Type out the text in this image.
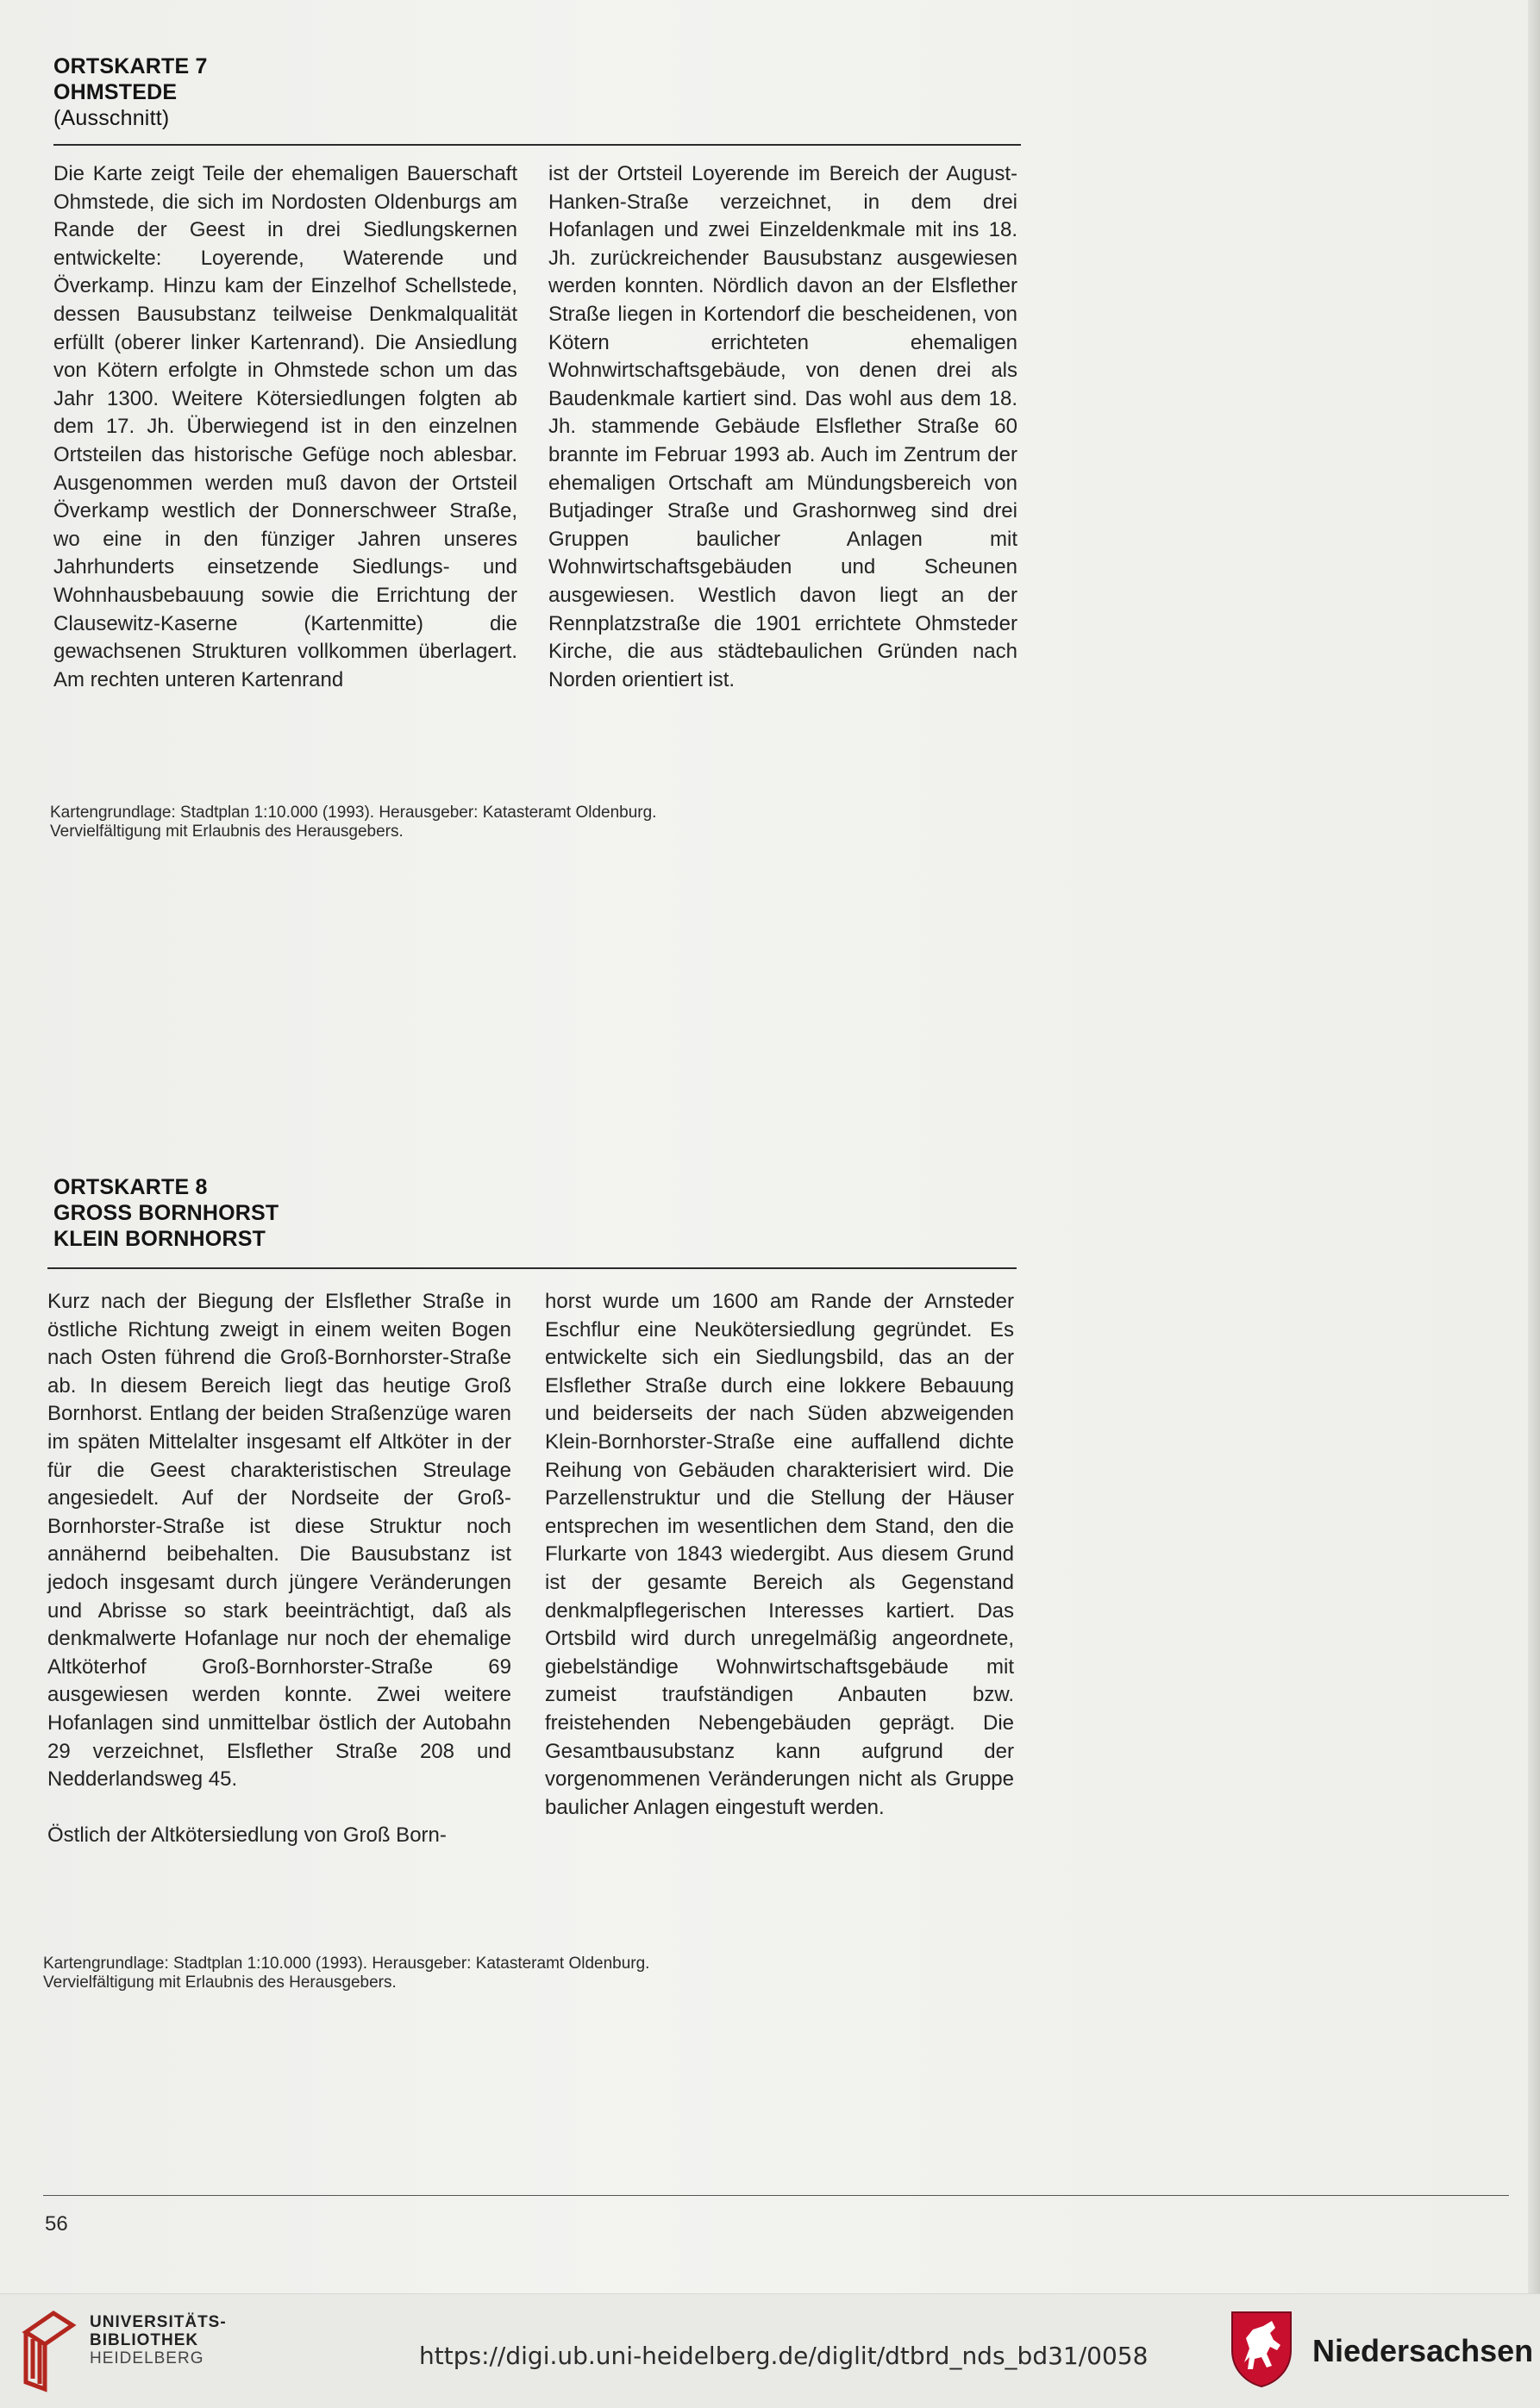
ORTSKARTE 7
OHMSTEDE
(Ausschnitt)

Die Karte zeigt Teile der ehemaligen Bauerschaft Ohmstede, die sich im Nordosten Oldenburgs am Rande der Geest in drei Siedlungskernen entwickelte: Loyerende, Waterende und Överkamp. Hinzu kam der Einzelhof Schellstede, dessen Bausubstanz teilweise Denkmalqualität erfüllt (oberer linker Kartenrand). Die Ansiedlung von Kötern erfolgte in Ohmstede schon um das Jahr 1300. Weitere Kötersiedlungen folgten ab dem 17. Jh. Überwiegend ist in den einzelnen Ortsteilen das historische Gefüge noch ablesbar. Ausgenommen werden muß davon der Ortsteil Överkamp westlich der Donnerschweer Straße, wo eine in den fünziger Jahren unseres Jahrhunderts einsetzende Siedlungs- und Wohnhausbebauung sowie die Errichtung der Clausewitz-Kaserne (Kartenmitte) die gewachsenen Strukturen vollkommen überlagert. Am rechten unteren Kartenrand

ist der Ortsteil Loyerende im Bereich der August-Hanken-Straße verzeichnet, in dem drei Hofanlagen und zwei Einzeldenkmale mit ins 18. Jh. zurückreichender Bausubstanz ausgewiesen werden konnten. Nördlich davon an der Elsflether Straße liegen in Kortendorf die bescheidenen, von Kötern errichteten ehemaligen Wohnwirtschaftsgebäude, von denen drei als Baudenkmale kartiert sind. Das wohl aus dem 18. Jh. stammende Gebäude Elsflether Straße 60 brannte im Februar 1993 ab. Auch im Zentrum der ehemaligen Ortschaft am Mündungsbereich von Butjadinger Straße und Grashornweg sind drei Gruppen baulicher Anlagen mit Wohnwirtschaftsgebäuden und Scheunen ausgewiesen. Westlich davon liegt an der Rennplatzstraße die 1901 errichtete Ohmsteder Kirche, die aus städtebaulichen Gründen nach Norden orientiert ist.

Kartengrundlage: Stadtplan 1:10.000 (1993). Herausgeber: Katasteramt Oldenburg.
Vervielfältigung mit Erlaubnis des Herausgebers.
ORTSKARTE 8
GROSS BORNHORST
KLEIN BORNHORST

Kurz nach der Biegung der Elsflether Straße in östliche Richtung zweigt in einem weiten Bogen nach Osten führend die Groß-Bornhorster-Straße ab. In diesem Bereich liegt das heutige Groß Bornhorst. Entlang der beiden Straßenzüge waren im späten Mittelalter insgesamt elf Altköter in der für die Geest charakteristischen Streulage angesiedelt. Auf der Nordseite der Groß-Bornhorster-Straße ist diese Struktur noch annähernd beibehalten. Die Bausubstanz ist jedoch insgesamt durch jüngere Veränderungen und Abrisse so stark beeinträchtigt, daß als denkmalwerte Hofanlage nur noch der ehemalige Altköterhof Groß-Bornhorster-Straße 69 ausgewiesen werden konnte. Zwei weitere Hofanlagen sind unmittelbar östlich der Autobahn 29 verzeichnet, Elsflether Straße 208 und Nedderlandsweg 45.

Östlich der Altkötersiedlung von Groß Born-

horst wurde um 1600 am Rande der Arnsteder Eschflur eine Neukötersiedlung gegründet. Es entwickelte sich ein Siedlungsbild, das an der Elsflether Straße durch eine lokkere Bebauung und beiderseits der nach Süden abzweigenden Klein-Bornhorster-Straße eine auffallend dichte Reihung von Gebäuden charakterisiert wird. Die Parzellenstruktur und die Stellung der Häuser entsprechen im wesentlichen dem Stand, den die Flurkarte von 1843 wiedergibt. Aus diesem Grund ist der gesamte Bereich als Gegenstand denkmalpflegerischen Interesses kartiert. Das Ortsbild wird durch unregelmäßig angeordnete, giebelständige Wohnwirtschaftsgebäude mit zumeist traufständigen Anbauten bzw. freistehenden Nebengebäuden geprägt. Die Gesamtbausubstanz kann aufgrund der vorgenommenen Veränderungen nicht als Gruppe baulicher Anlagen eingestuft werden.

Kartengrundlage: Stadtplan 1:10.000 (1993). Herausgeber: Katasteramt Oldenburg.
Vervielfältigung mit Erlaubnis des Herausgebers.
56
UNIVERSITÄTS-
BIBLIOTHEK
HEIDELBERG	https://digi.ub.uni-heidelberg.de/diglit/dtbrd_nds_bd31/0058	Niedersachsen
